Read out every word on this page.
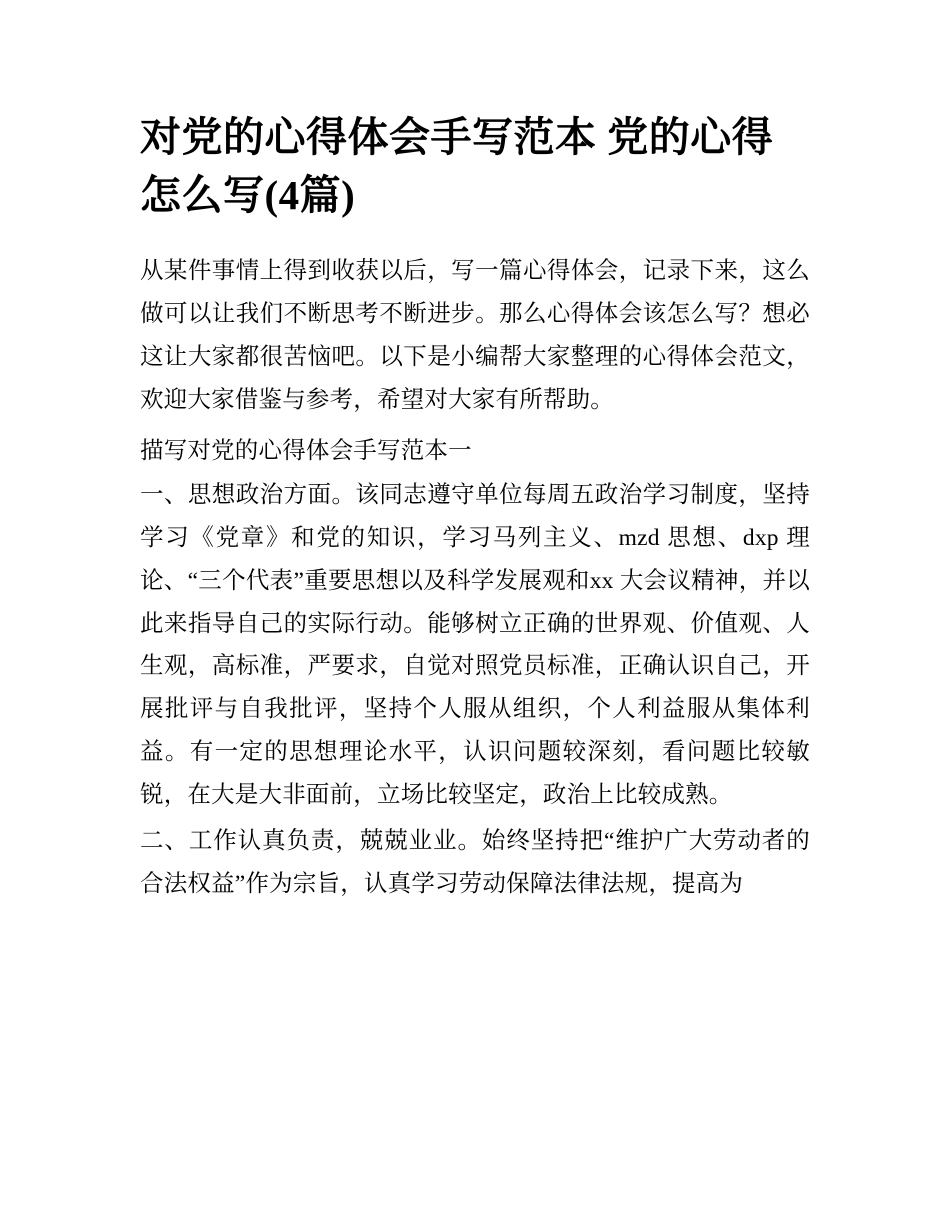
对党的心得体会手写范本 党的心得怎么写(4篇)

从某件事情上得到收获以后，写一篇心得体会，记录下来，这么做可以让我们不断思考不断进步。那么心得体会该怎么写？想必这让大家都很苦恼吧。以下是小编帮大家整理的心得体会范文，欢迎大家借鉴与参考，希望对大家有所帮助。

描写对党的心得体会手写范本一

一、思想政治方面。该同志遵守单位每周五政治学习制度，坚持学习《党章》和党的知识，学习马列主义、mzd 思想、dxp 理论、“三个代表”重要思想以及科学发展观和xx 大会议精神，并以此来指导自己的实际行动。能够树立正确的世界观、价值观、人生观，高标准，严要求，自觉对照党员标准，正确认识自己，开展批评与自我批评，坚持个人服从组织，个人利益服从集体利益。有一定的思想理论水平，认识问题较深刻，看问题比较敏锐，在大是大非面前，立场比较坚定，政治上比较成熟。

二、工作认真负责，兢兢业业。始终坚持把“维护广大劳动者的合法权益”作为宗旨，认真学习劳动保障法律法规，提高为
